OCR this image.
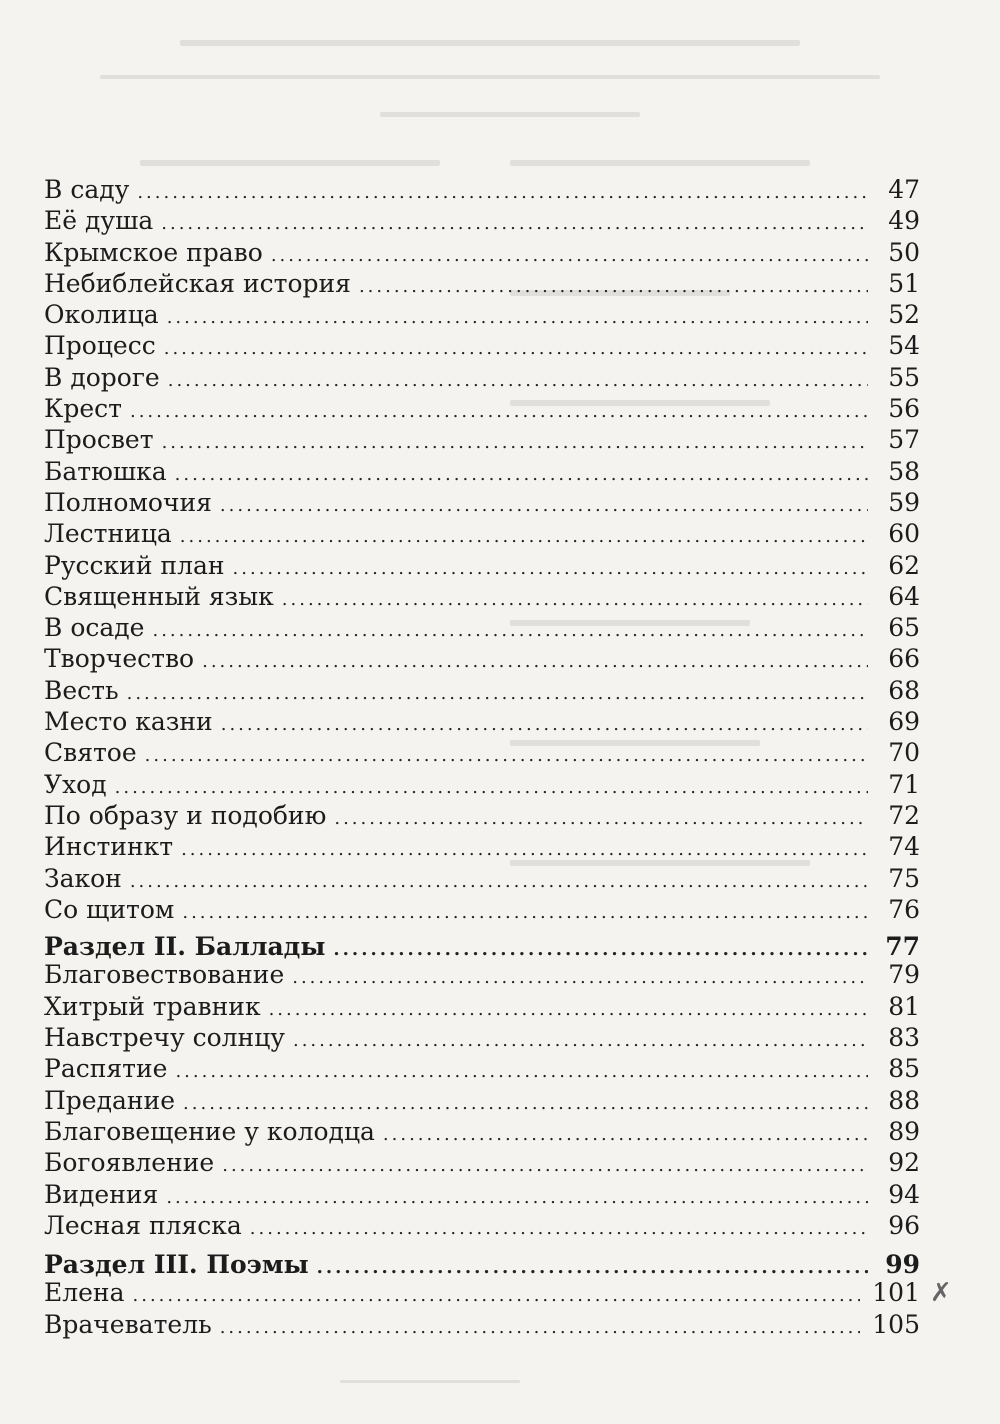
В саду .....	47
Её душа .....	49
Крымское право .....	50
Небиблейская история .....	51
Околица .....	52
Процесс .....	54
В дороге .....	55
Крест .....	56
Просвет .....	57
Батюшка .....	58
Полномочия .....	59
Лестница .....	60
Русский план .....	62
Священный язык .....	64
В осаде .....	65
Творчество .....	66
Весть .....	68
Место казни .....	69
Святое .....	70
Уход .....	71
По образу и подобию .....	72
Инстинкт .....	74
Закон .....	75
Со щитом .....	76
Раздел II. Баллады .....	77
Благовествование .....	79
Хитрый травник .....	81
Навстречу солнцу .....	83
Распятие .....	85
Предание .....	88
Благовещение у колодца .....	89
Богоявление .....	92
Видения .....	94
Лесная пляска .....	96
Раздел III. Поэмы .....	99
Елена .....	101
Врачеватель .....	105
✗
